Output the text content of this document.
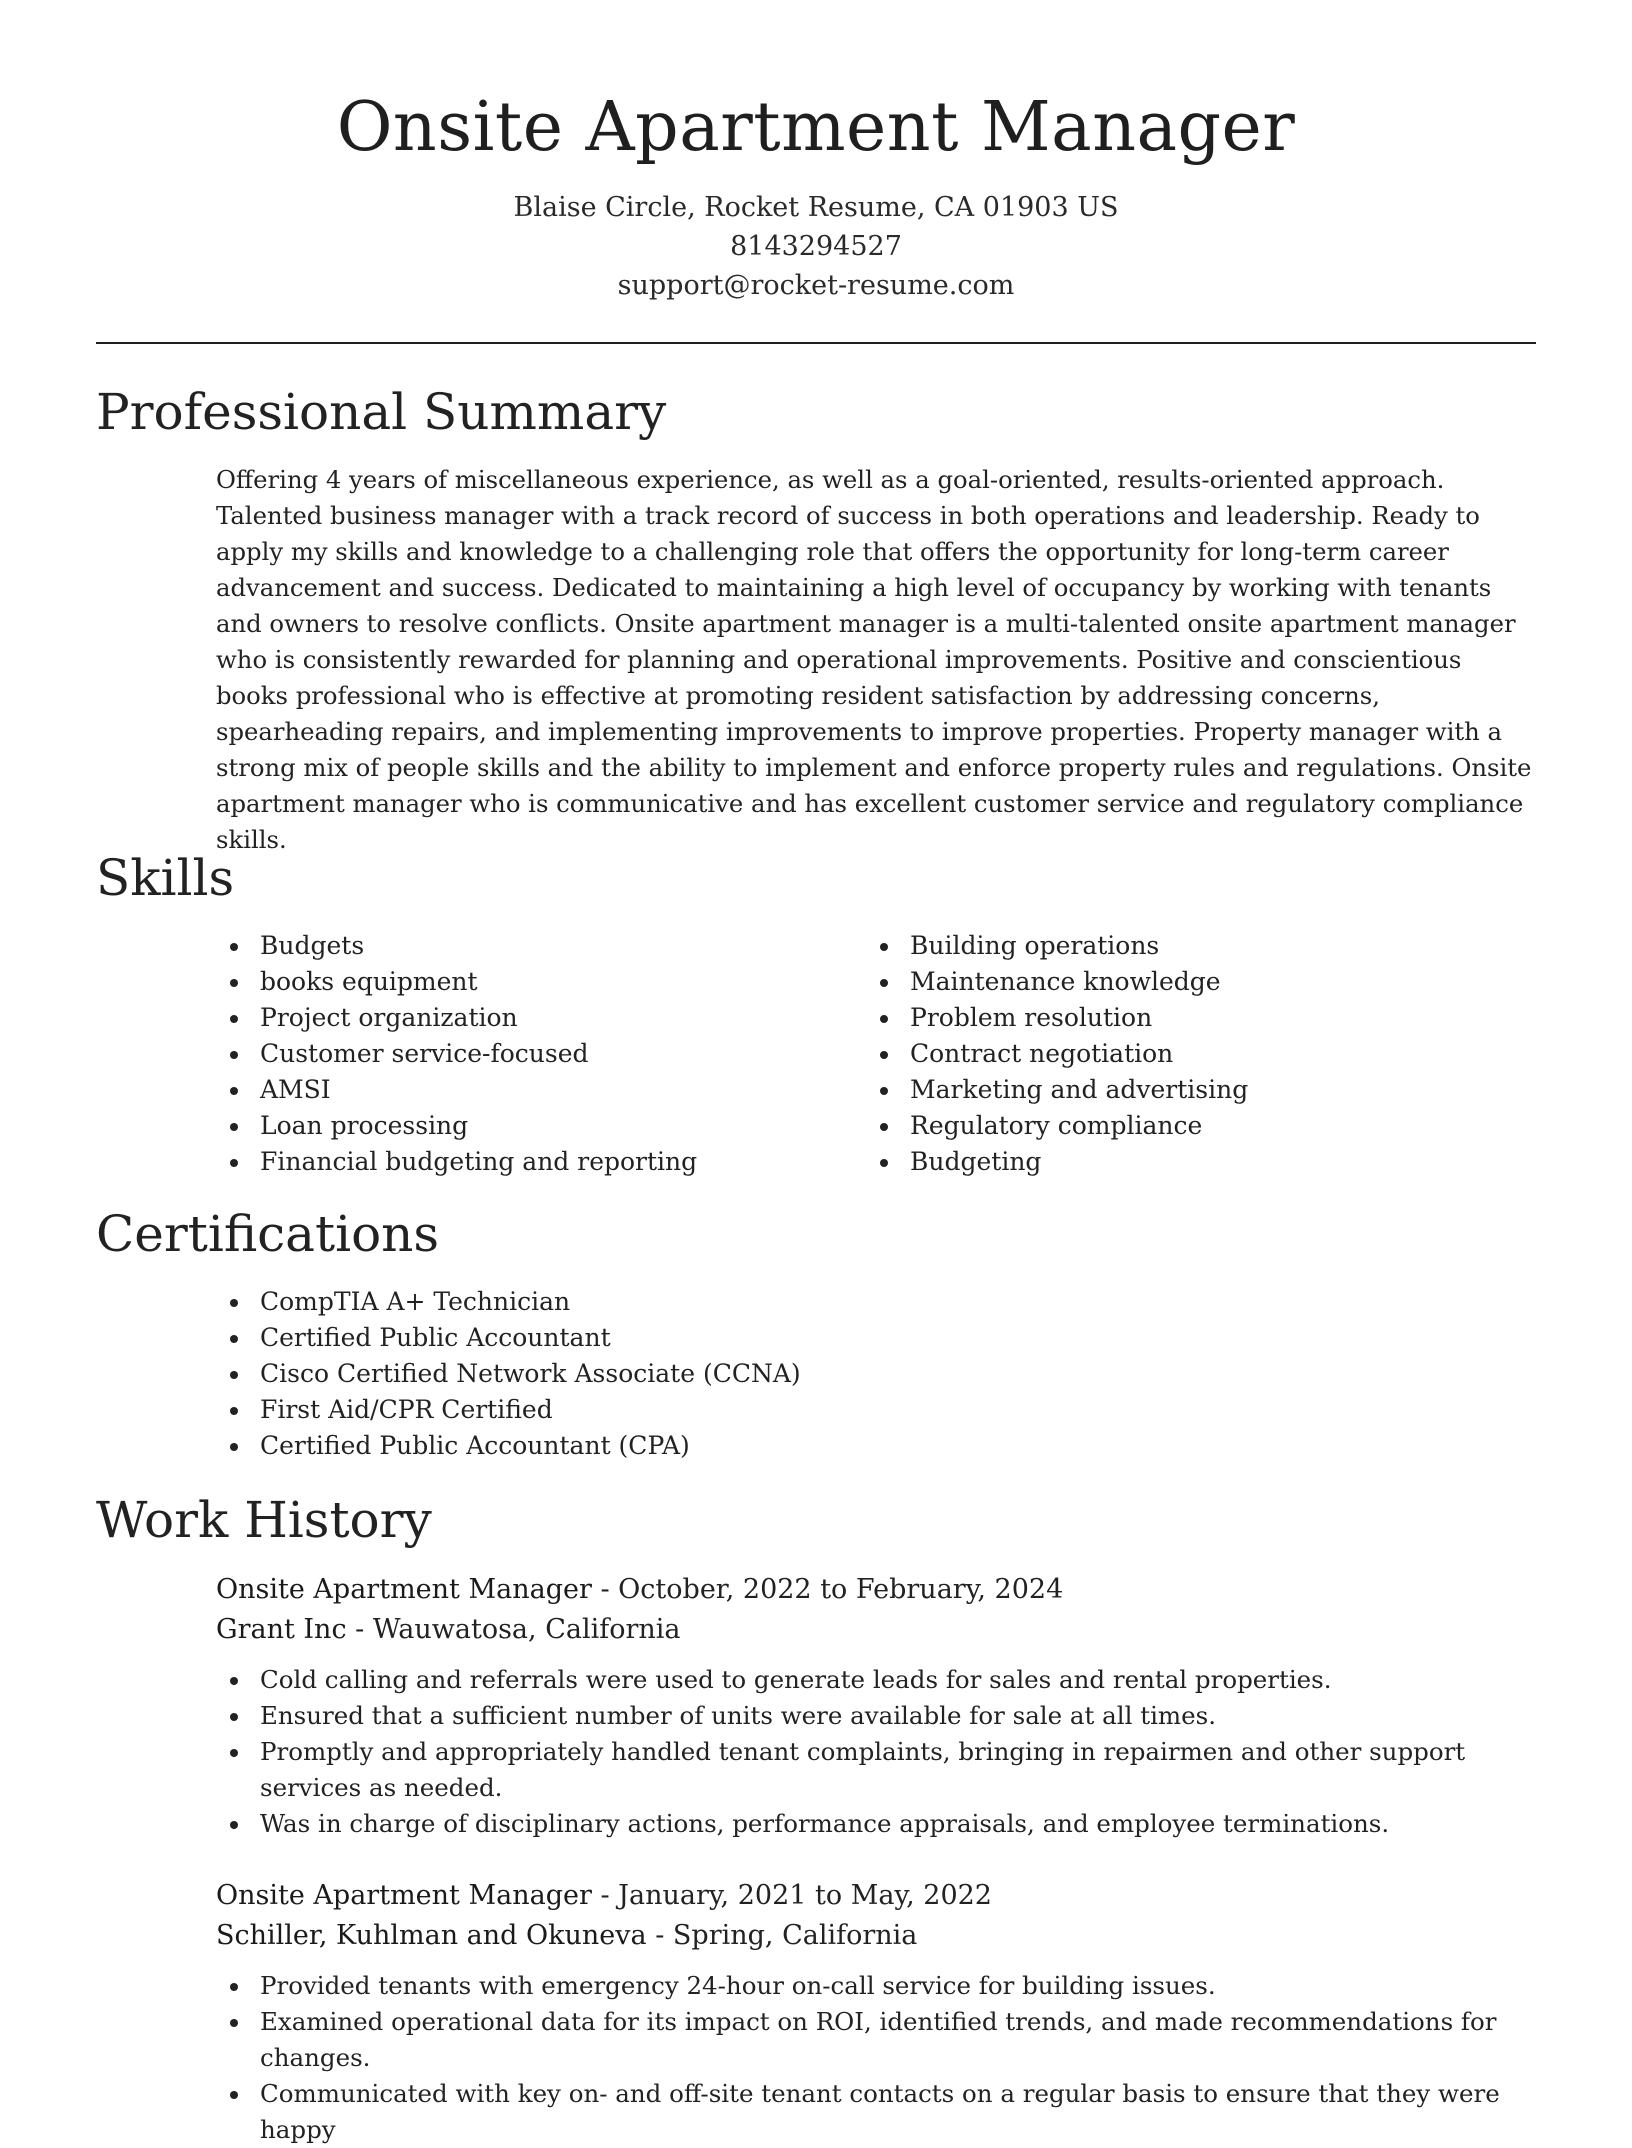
Onsite Apartment Manager
Blaise Circle, Rocket Resume, CA 01903 US
8143294527
support@rocket-resume.com
Professional Summary

Offering 4 years of miscellaneous experience, as well as a goal-oriented, results-oriented approach. Talented business manager with a track record of success in both operations and leadership. Ready to apply my skills and knowledge to a challenging role that offers the opportunity for long-term career advancement and success. Dedicated to maintaining a high level of occupancy by working with tenants and owners to resolve conflicts. Onsite apartment manager is a multi-talented onsite apartment manager who is consistently rewarded for planning and operational improvements. Positive and conscientious books professional who is effective at promoting resident satisfaction by addressing concerns, spearheading repairs, and implementing improvements to improve properties. Property manager with a strong mix of people skills and the ability to implement and enforce property rules and regulations. Onsite apartment manager who is communicative and has excellent customer service and regulatory compliance skills.

Skills
Budgets
books equipment
Project organization
Customer service-focused
AMSI
Loan processing
Financial budgeting and reporting
Building operations
Maintenance knowledge
Problem resolution
Contract negotiation
Marketing and advertising
Regulatory compliance
Budgeting
Certifications
CompTIA A+ Technician
Certified Public Accountant
Cisco Certified Network Associate (CCNA)
First Aid/CPR Certified
Certified Public Accountant (CPA)
Work History
Onsite Apartment Manager - October, 2022 to February, 2024
Grant Inc - Wauwatosa, California
Cold calling and referrals were used to generate leads for sales and rental properties.
Ensured that a sufficient number of units were available for sale at all times.
Promptly and appropriately handled tenant complaints, bringing in repairmen and other support services as needed.
Was in charge of disciplinary actions, performance appraisals, and employee terminations.
Onsite Apartment Manager - January, 2021 to May, 2022
Schiller, Kuhlman and Okuneva - Spring, California
Provided tenants with emergency 24-hour on-call service for building issues.
Examined operational data for its impact on ROI, identified trends, and made recommendations for changes.
Communicated with key on- and off-site tenant contacts on a regular basis to ensure that they were happy
